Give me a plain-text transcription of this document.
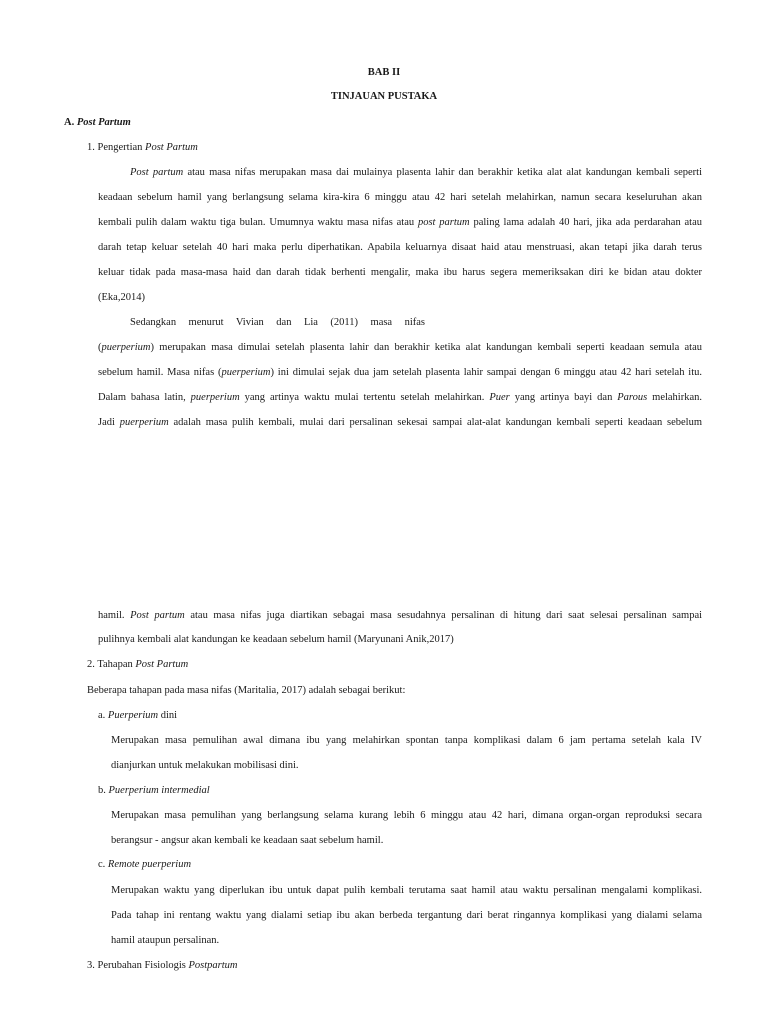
BAB II
TINJAUAN PUSTAKA
A. Post Partum
1. Pengertian Post Partum
Post partum atau masa nifas merupakan masa dai mulainya plasenta lahir dan berakhir ketika alat alat kandungan kembali seperti
keadaan sebelum hamil yang berlangsung selama kira-kira 6 minggu atau 42 hari setelah melahirkan, namun secara keseluruhan akan
kembali pulih dalam waktu tiga bulan. Umumnya waktu masa nifas atau post partum paling lama adalah 40 hari, jika ada perdarahan atau
darah tetap keluar setelah 40 hari maka perlu diperhatikan. Apabila keluarnya disaat haid atau menstruasi, akan tetapi jika darah terus
keluar tidak pada masa-masa haid dan darah tidak berhenti mengalir, maka ibu harus segera memeriksakan diri ke bidan atau dokter
(Eka,2014)
Sedangkan menurut Vivian dan Lia (2011) masa nifas
(puerperium) merupakan masa dimulai setelah plasenta lahir dan berakhir ketika alat kandungan kembali seperti keadaan semula atau
sebelum hamil. Masa nifas (puerperium) ini dimulai sejak dua jam setelah plasenta lahir sampai dengan 6 minggu atau 42 hari setelah itu.
Dalam bahasa latin, puerperium yang artinya waktu mulai tertentu setelah melahirkan. Puer yang artinya bayi dan Parous melahirkan.
Jadi puerperium adalah masa pulih kembali, mulai dari persalinan sekesai sampai alat-alat kandungan kembali seperti keadaan sebelum
hamil. Post partum atau masa nifas juga diartikan sebagai masa sesudahnya persalinan di hitung dari saat selesai persalinan sampai
pulihnya kembali alat kandungan ke keadaan sebelum hamil (Maryunani Anik,2017)
2. Tahapan Post Partum
Beberapa tahapan pada masa nifas (Maritalia, 2017) adalah sebagai berikut:
a. Puerperium dini
Merupakan masa pemulihan awal dimana ibu yang melahirkan spontan tanpa komplikasi dalam 6 jam pertama setelah kala IV
dianjurkan untuk melakukan mobilisasi dini.
b. Puerperium intermedial
Merupakan masa pemulihan yang berlangsung selama kurang lebih 6 minggu atau 42 hari, dimana organ-organ reproduksi secara
berangsur - angsur akan kembali ke keadaan saat sebelum hamil.
c. Remote puerperium
Merupakan waktu yang diperlukan ibu untuk dapat pulih kembali terutama saat hamil atau waktu persalinan mengalami komplikasi.
Pada tahap ini rentang waktu yang dialami setiap ibu akan berbeda tergantung dari berat ringannya komplikasi yang dialami selama
hamil ataupun persalinan.
3. Perubahan Fisiologis Postpartum
